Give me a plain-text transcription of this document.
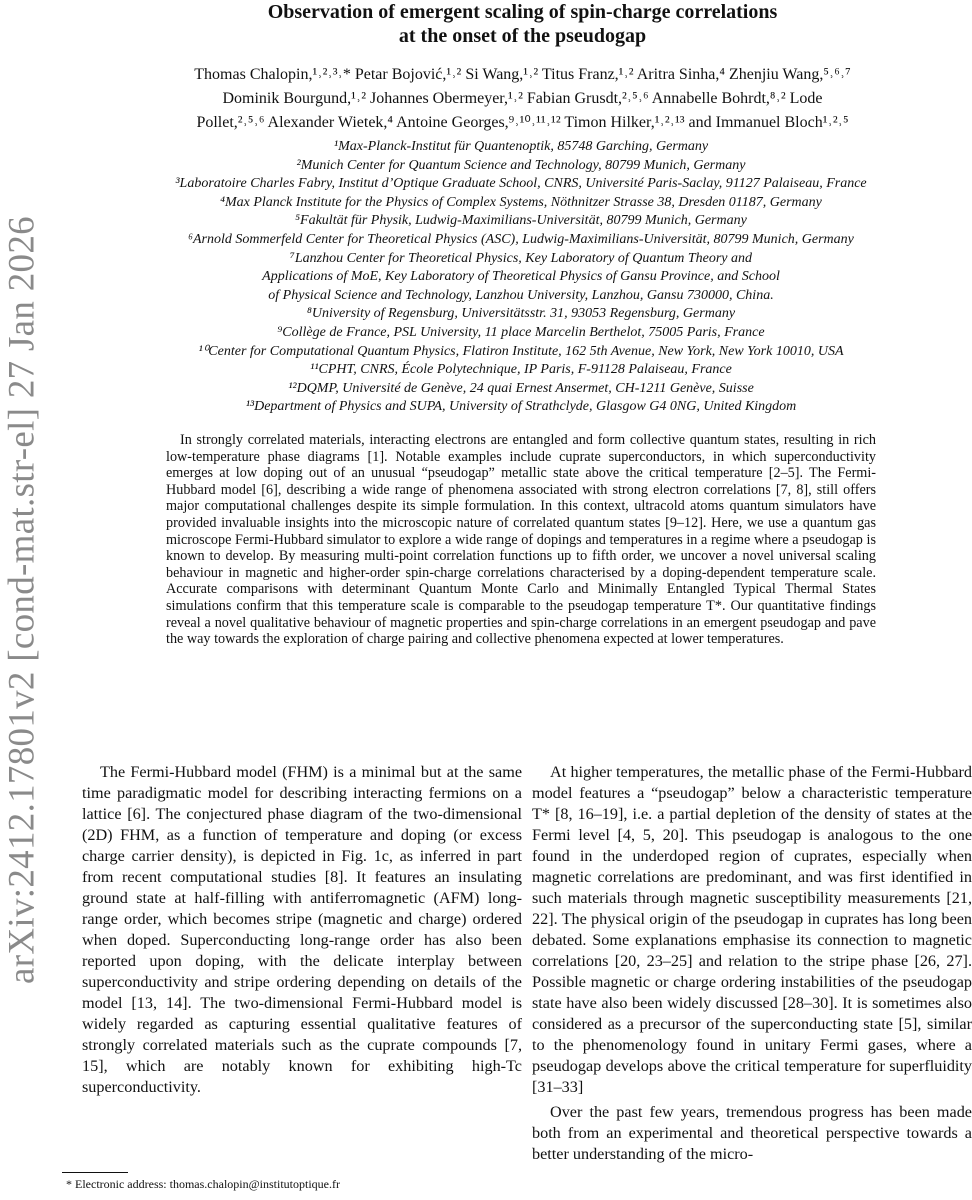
arXiv:2412.17801v2 [cond-mat.str-el] 27 Jan 2026
Observation of emergent scaling of spin-charge correlations
at the onset of the pseudogap
Thomas Chalopin,¹˒²˒³˒* Petar Bojović,¹˒² Si Wang,¹˒² Titus Franz,¹˒² Aritra Sinha,⁴ Zhenjiu Wang,⁵˒⁶˒⁷
Dominik Bourgund,¹˒² Johannes Obermeyer,¹˒² Fabian Grusdt,²˒⁵˒⁶ Annabelle Bohrdt,⁸˒² Lode
Pollet,²˒⁵˒⁶ Alexander Wietek,⁴ Antoine Georges,⁹˒¹⁰˒¹¹˒¹² Timon Hilker,¹˒²˒¹³ and Immanuel Bloch¹˒²˒⁵
¹Max-Planck-Institut für Quantenoptik, 85748 Garching, Germany
²Munich Center for Quantum Science and Technology, 80799 Munich, Germany
³Laboratoire Charles Fabry, Institut d’Optique Graduate School, CNRS, Université Paris-Saclay, 91127 Palaiseau, France
⁴Max Planck Institute for the Physics of Complex Systems, Nöthnitzer Strasse 38, Dresden 01187, Germany
⁵Fakultät für Physik, Ludwig-Maximilians-Universität, 80799 Munich, Germany
⁶Arnold Sommerfeld Center for Theoretical Physics (ASC), Ludwig-Maximilians-Universität, 80799 Munich, Germany
⁷Lanzhou Center for Theoretical Physics, Key Laboratory of Quantum Theory and
Applications of MoE, Key Laboratory of Theoretical Physics of Gansu Province, and School
of Physical Science and Technology, Lanzhou University, Lanzhou, Gansu 730000, China.
⁸University of Regensburg, Universitätsstr. 31, 93053 Regensburg, Germany
⁹Collège de France, PSL University, 11 place Marcelin Berthelot, 75005 Paris, France
¹⁰Center for Computational Quantum Physics, Flatiron Institute, 162 5th Avenue, New York, New York 10010, USA
¹¹CPHT, CNRS, École Polytechnique, IP Paris, F-91128 Palaiseau, France
¹²DQMP, Université de Genève, 24 quai Ernest Ansermet, CH-1211 Genève, Suisse
¹³Department of Physics and SUPA, University of Strathclyde, Glasgow G4 0NG, United Kingdom
In strongly correlated materials, interacting electrons are entangled and form collective quantum states, resulting in rich low-temperature phase diagrams [1]. Notable examples include cuprate superconductors, in which superconductivity emerges at low doping out of an unusual “pseudogap” metallic state above the critical temperature [2–5]. The Fermi-Hubbard model [6], describing a wide range of phenomena associated with strong electron correlations [7, 8], still offers major computational challenges despite its simple formulation. In this context, ultracold atoms quantum simulators have provided invaluable insights into the microscopic nature of correlated quantum states [9–12]. Here, we use a quantum gas microscope Fermi-Hubbard simulator to explore a wide range of dopings and temperatures in a regime where a pseudogap is known to develop. By measuring multi-point correlation functions up to fifth order, we uncover a novel universal scaling behaviour in magnetic and higher-order spin-charge correlations characterised by a doping-dependent temperature scale. Accurate comparisons with determinant Quantum Monte Carlo and Minimally Entangled Typical Thermal States simulations confirm that this temperature scale is comparable to the pseudogap temperature T*. Our quantitative findings reveal a novel qualitative behaviour of magnetic properties and spin-charge correlations in an emergent pseudogap and pave the way towards the exploration of charge pairing and collective phenomena expected at lower temperatures.

The Fermi-Hubbard model (FHM) is a minimal but at the same time paradigmatic model for describing interacting fermions on a lattice [6]. The conjectured phase diagram of the two-dimensional (2D) FHM, as a function of temperature and doping (or excess charge carrier density), is depicted in Fig. 1c, as inferred in part from recent computational studies [8]. It features an insulating ground state at half-filling with antiferromagnetic (AFM) long-range order, which becomes stripe (magnetic and charge) ordered when doped. Superconducting long-range order has also been reported upon doping, with the delicate interplay between superconductivity and stripe ordering depending on details of the model [13, 14]. The two-dimensional Fermi-Hubbard model is widely regarded as capturing essential qualitative features of strongly correlated materials such as the cuprate compounds [7, 15], which are notably known for exhibiting high-Tc superconductivity.

At higher temperatures, the metallic phase of the Fermi-Hubbard model features a “pseudogap” below a characteristic temperature T* [8, 16–19], i.e. a partial depletion of the density of states at the Fermi level [4, 5, 20]. This pseudogap is analogous to the one found in the underdoped region of cuprates, especially when magnetic correlations are predominant, and was first identified in such materials through magnetic susceptibility measurements [21, 22]. The physical origin of the pseudogap in cuprates has long been debated. Some explanations emphasise its connection to magnetic correlations [20, 23–25] and relation to the stripe phase [26, 27]. Possible magnetic or charge ordering instabilities of the pseudogap state have also been widely discussed [28–30]. It is sometimes also considered as a precursor of the superconducting state [5], similar to the phenomenology found in unitary Fermi gases, where a pseudogap develops above the critical temperature for superfluidity [31–33]

Over the past few years, tremendous progress has been made both from an experimental and theoretical perspective towards a better understanding of the micro-

* Electronic address: thomas.chalopin@institutoptique.fr
